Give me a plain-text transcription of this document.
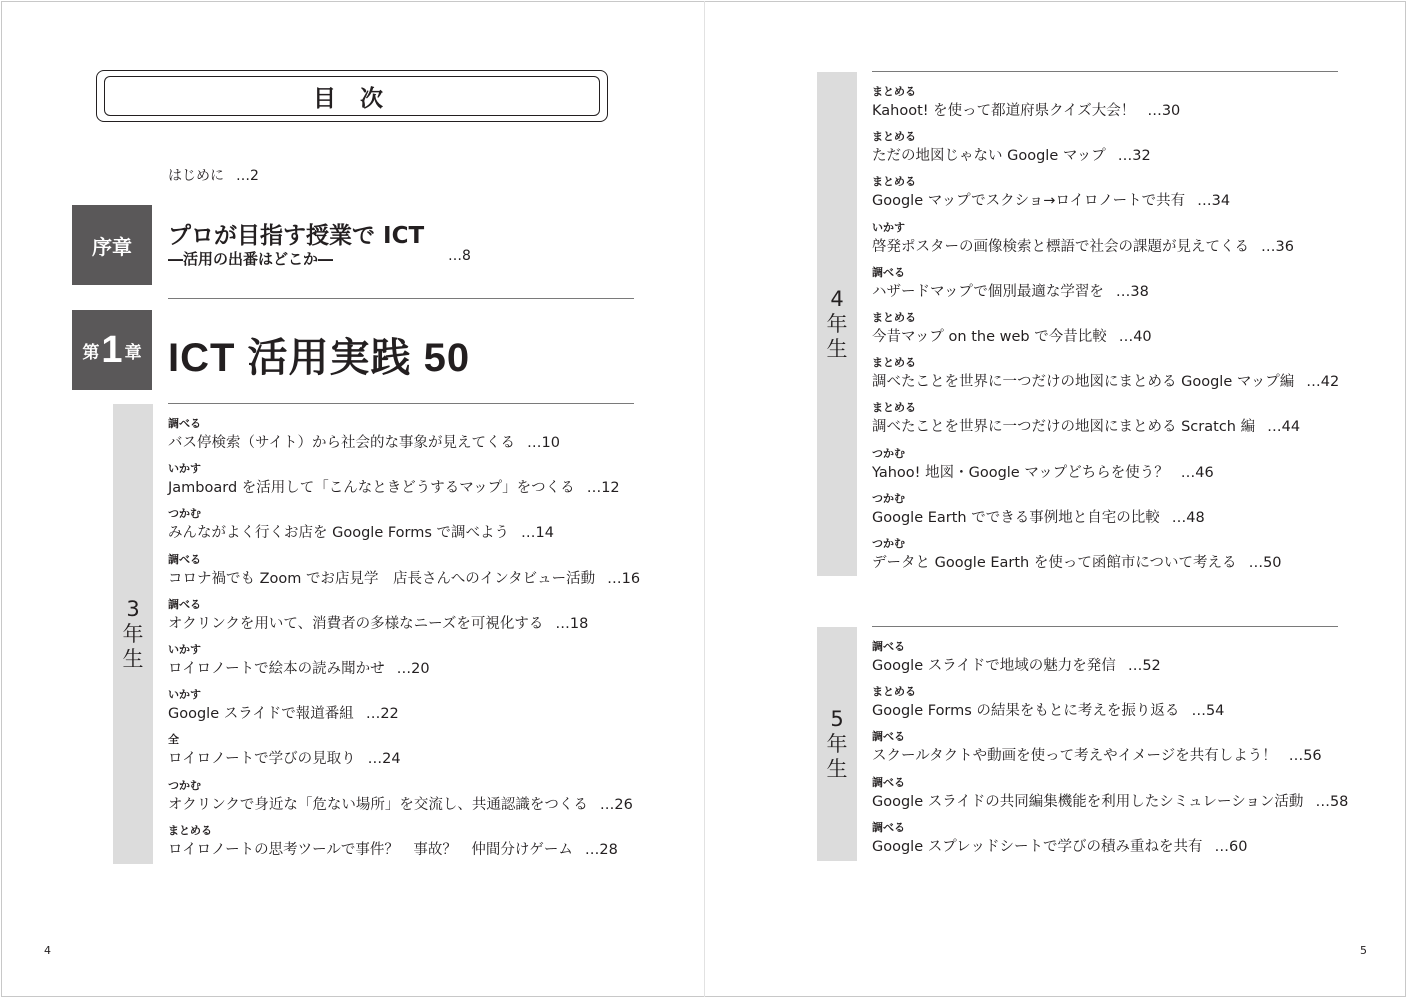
目 次
はじめに …2
序章 プロが目指す授業で ICT
―活用の出番はどこか―	…8
第 1 章 ICT 活用実践 50
3
年
生
調べる
バス停検索（サイト）から社会的な事象が見えてくる …10
いかす
Jamboard を活用して「こんなときどうするマップ」をつくる …12
つかむ
みんながよく行くお店を Google Forms で調べよう …14
調べる
コロナ禍でも Zoom でお店見学　店長さんへのインタビュー活動 …16
調べる
オクリンクを用いて、消費者の多様なニーズを可視化する …18
いかす
ロイロノートで絵本の読み聞かせ …20
いかす
Google スライドで報道番組 …22
全
ロイロノートで学びの見取り …24
つかむ
オクリンクで身近な「危ない場所」を交流し、共通認識をつくる …26
まとめる
ロイロノートの思考ツールで事件？　事故？　仲間分けゲーム …28
4
年
生
まとめる
Kahoot! を使って都道府県クイズ大会！ …30
まとめる
ただの地図じゃない Google マップ …32
まとめる
Google マップでスクショ→ロイロノートで共有 …34
いかす
啓発ポスターの画像検索と標語で社会の課題が見えてくる …36
調べる
ハザードマップで個別最適な学習を …38
まとめる
今昔マップ on the web で今昔比較 …40
まとめる
調べたことを世界に一つだけの地図にまとめる Google マップ編 …42
まとめる
調べたことを世界に一つだけの地図にまとめる Scratch 編 …44
つかむ
Yahoo! 地図・Google マップどちらを使う？ …46
つかむ
Google Earth でできる事例地と自宅の比較 …48
つかむ
データと Google Earth を使って函館市について考える …50
5
年
生
調べる
Google スライドで地域の魅力を発信 …52
まとめる
Google Forms の結果をもとに考えを振り返る …54
調べる
スクールタクトや動画を使って考えやイメージを共有しよう！ …56
調べる
Google スライドの共同編集機能を利用したシミュレーション活動 …58
調べる
Google スプレッドシートで学びの積み重ねを共有 …60
4	5
